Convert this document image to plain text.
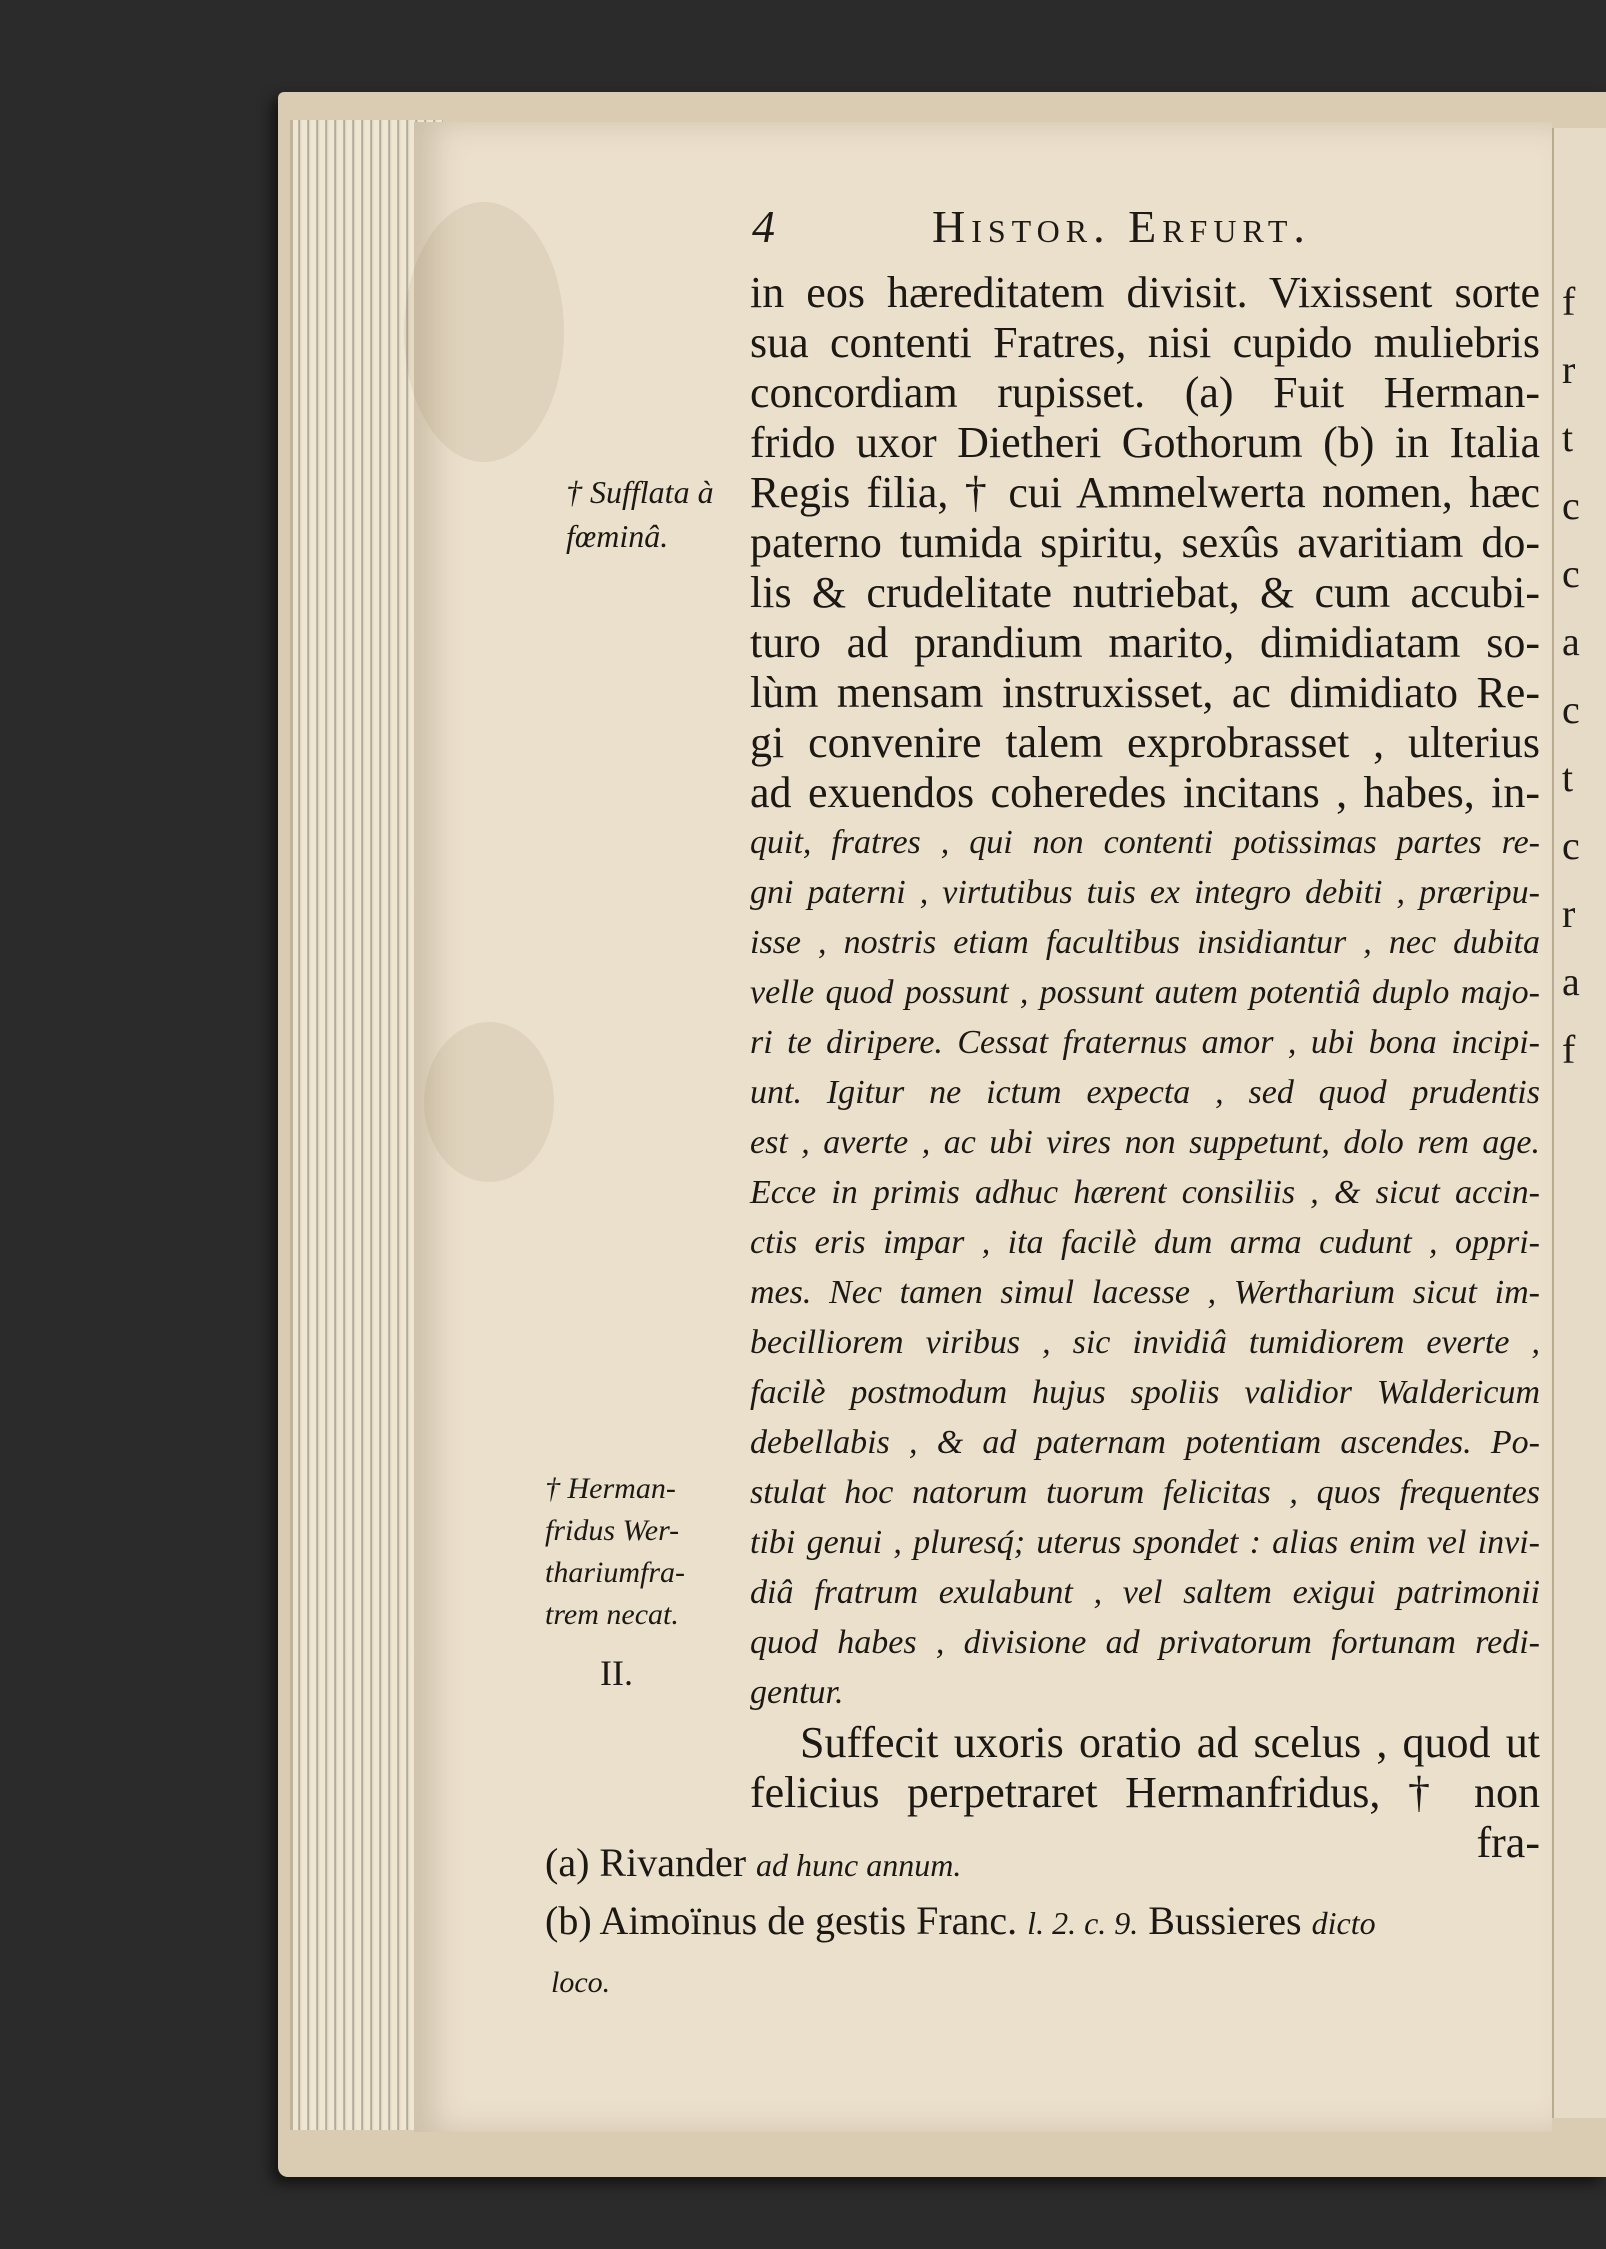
f
r
t
c
c
a
c
t
c
r
a
f
4	Histor. Erfurt.
† Sufflata à
fœminâ.
† Herman-
fridus Wer-
thariumfra-
trem necat.
II.
in eos hæreditatem divisit. Vixissent sorte
sua contenti Fratres, nisi cupido muliebris
concordiam rupisset. (a) Fuit Herman-
frido uxor Dietheri Gothorum (b) in Italia
Regis filia, † cui Ammelwerta nomen, hæc
paterno tumida spiritu, sexûs avaritiam do-
lis & crudelitate nutriebat, & cum accubi-
turo ad prandium marito, dimidiatam so-
lùm mensam instruxisset, ac dimidiato Re-
gi convenire talem exprobrasset , ulterius
ad exuendos coheredes incitans , habes, in-
quit, fratres , qui non contenti potissimas partes re-
gni paterni , virtutibus tuis ex integro debiti , præripu-
isse , nostris etiam facultibus insidiantur , nec dubita
velle quod possunt , possunt autem potentiâ duplo majo-
ri te diripere. Cessat fraternus amor , ubi bona incipi-
unt. Igitur ne ictum expecta , sed quod prudentis
est , averte , ac ubi vires non suppetunt, dolo rem age.
Ecce in primis adhuc hærent consiliis , & sicut accin-
ctis eris impar , ita facilè dum arma cudunt , oppri-
mes. Nec tamen simul lacesse , Wertharium sicut im-
becilliorem viribus , sic invidiâ tumidiorem everte ,
facilè postmodum hujus spoliis validior Waldericum
debellabis , & ad paternam potentiam ascendes. Po-
stulat hoc natorum tuorum felicitas , quos frequentes
tibi genui , pluresq́; uterus spondet : alias enim vel invi-
diâ fratrum exulabunt , vel saltem exigui patrimonii
quod habes , divisione ad privatorum fortunam redi-
gentur.
Suffecit uxoris oratio ad scelus , quod ut
felicius perpetraret Hermanfridus, † non
fra-
(a) Rivander ad hunc annum.
(b) Aimoïnus de gestis Franc. l. 2. c. 9. Bussieres dicto
loco.
